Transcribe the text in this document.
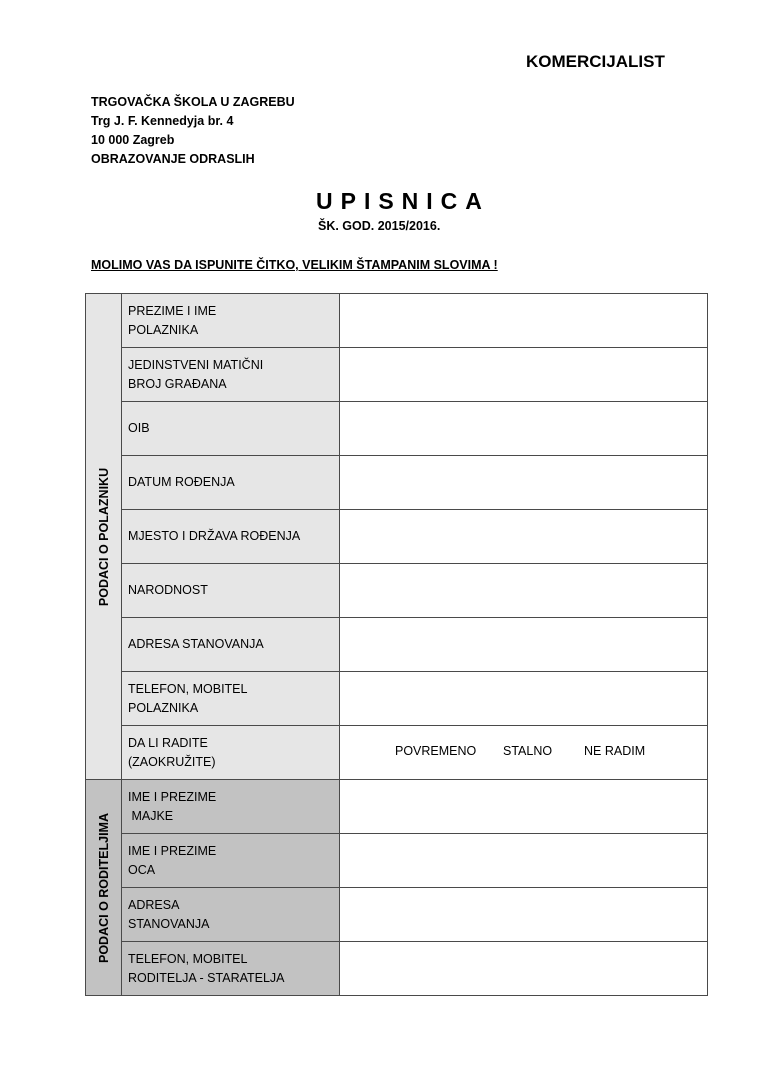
KOMERCIJALIST
TRGOVAČKA ŠKOLA U ZAGREBU
Trg J. F. Kennedyja br. 4
10 000 Zagreb
OBRAZOVANJE ODRASLIH
UPISNICA
ŠK. GOD. 2015/2016.
MOLIMO VAS DA ISPUNITE ČITKO, VELIKIM ŠTAMPANIM SLOVIMA !
PODACI O POLAZNIKU	PREZIME I IME
POLAZNIKA	

	JEDINSTVENI MATIČNI
BROJ GRAĐANA	

	OIB	

	DATUM ROĐENJA	

	MJESTO I DRŽAVA ROĐENJA	

	NARODNOST	

	ADRESA STANOVANJA	

	TELEFON, MOBITEL
POLAZNIKA	

	DA LI RADITE
(ZAOKRUŽITE)	POVREMENO STALNO NE RADIM

PODACI O RODITELJIMA	IME I PREZIME
MAJKE	

	IME I PREZIME
OCA	

	ADRESA
STANOVANJA	

	TELEFON, MOBITEL
RODITELJA - STARATELJA	
